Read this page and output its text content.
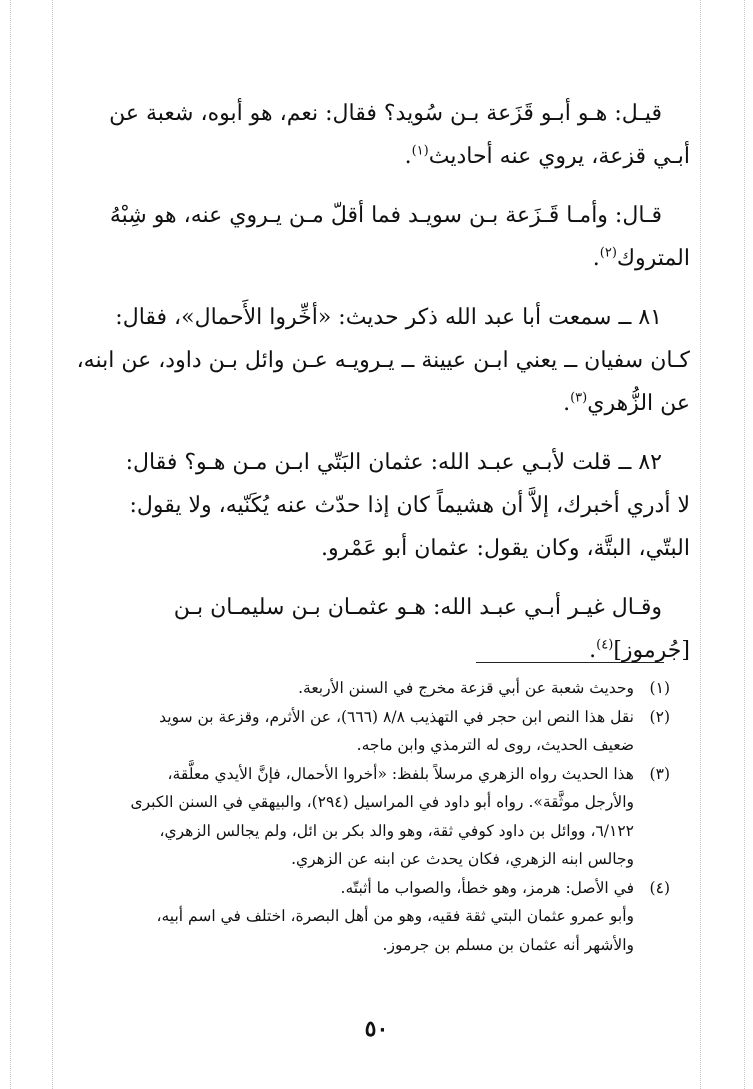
قيـل: هـو أبـو قَزَعة بـن سُويد؟ فقال: نعم، هو أبوه، شعبة عن

أبـي قزعة، يروي عنه أحاديث$^{(١)}$.

قـال: وأمـا قَـزَعة بـن سويـد فما أقلّ مـن يـروي عنه، هو شِبْهُ

المتروك$^{(٢)}$.

٨١ ــ سمعت أبا عبد الله ذكر حديث: «أخِّروا الأَحمال»، فقال:

كـان سفيان ــ يعني ابـن عيينة ــ يـرويـه عـن وائل بـن داود، عن ابنه،

عن الزُّهري$^{(٣)}$.

٨٢ ــ قلت لأبـي عبـد الله: عثمان البَتّي ابـن مـن هـو؟ فقال:

لا أدري أخبرك، إلاَّ أن هشيماً كان إذا حدّث عنه يُكَنّيه، ولا يقول:

البتّي، البتَّة، وكان يقول: عثمان أبو عَمْرو.

وقـال غيـر أبـي عبـد الله: هـو عثمـان بـن سليمـان بـن

[جُرموز]$^{(٤)}$.

(١)
وحديث شعبة عن أبي قزعة مخرج في السنن الأربعة.
(٢)
نقل هذا النص ابن حجر في التهذيب ٨/٨ (٦٦٦)، عن الأثرم، وقزعة بن سويد
ضعيف الحديث، روى له الترمذي وابن ماجه.
(٣)
هذا الحديث رواه الزهري مرسلاً بلفظ: «أخروا الأحمال، فإنَّ الأيدي معلَّقة،
والأرجل موثَّقة». رواه أبو داود في المراسيل (٢٩٤)، والبيهقي في السنن الكبرى
٦/١٢٢، ووائل بن داود كوفي ثقة، وهو والد بكر بن ائل، ولم يجالس الزهري،
وجالس ابنه الزهري، فكان يحدث عن ابنه عن الزهري.
(٤)
في الأصل: هرمز، وهو خطأ، والصواب ما أثبتّه.
وأبو عمرو عثمان البتي ثقة فقيه، وهو من أهل البصرة، اختلف في اسم أبيه،
والأشهر أنه عثمان بن مسلم بن جرموز.
٥٠
